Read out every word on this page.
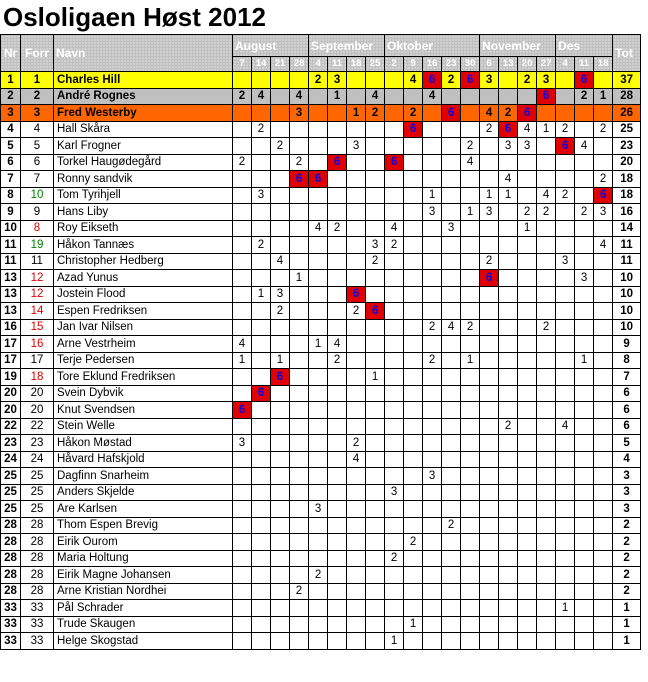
Osloligaen Høst 2012
Nr	Forr	Navn	August				September				Oktober					November				Des			Tot
			7	14	21	28	4	11	18	25	2	9	16	23	30	6	13	20	27	4	11	18	
1	1	Charles Hill					2	3				4	6	2	6	3		2	3		6		37
2	2	André Rognes	2	4		4		1		4			4						6		2	1	28
3	3	Fred Westerby				3			1	2		2		6		4	2	6					26
4	4	Hall Skåra		2								6				2	6	4	1	2		2	25
5	5	Karl Frogner			2				3						2		3	3		6	4		23
6	6	Torkel Haugødegård	2			2		6			6				4								20
7	7	Ronny sandvik				6	6										4					2	18
8	10	Tom Tyrihjell		3									1			1	1		4	2		6	18
9	9	Hans Liby											3		1	3		2	2		2	3	16
10	8	Roy Eikseth					4	2			4			3				1					14
11	19	Håkon Tannæs		2						3	2											4	11
11	11	Christopher Hedberg			4					2						2				3			11
13	12	Azad Yunus				1										6					3		10
13	12	Jostein Flood		1	3				6														10
13	14	Espen Fredriksen			2				2	6													10
16	15	Jan Ivar Nilsen											2	4	2				2				10
17	16	Arne Vestrheim	4				1	4															9
17	17	Terje Pedersen	1		1			2					2		1						1		8
19	18	Tore Eklund Fredriksen			6					1													7
20	20	Svein Dybvik		6																			6
20	20	Knut Svendsen	6																				6
22	22	Stein Welle															2			4			6
23	23	Håkon Møstad	3						2														5
24	24	Håvard Hafskjold							4														4
25	25	Dagfinn Snarheim											3										3
25	25	Anders Skjelde									3												3
25	25	Are Karlsen					3																3
28	28	Thom Espen Brevig												2									2
28	28	Eirik Ourom										2											2
28	28	Maria Holtung									2												2
28	28	Eirik Magne Johansen					2																2
28	28	Arne Kristian Nordhei				2																	2
33	33	Pål Schrader																		1			1
33	33	Trude Skaugen										1											1
33	33	Helge Skogstad									1												1
